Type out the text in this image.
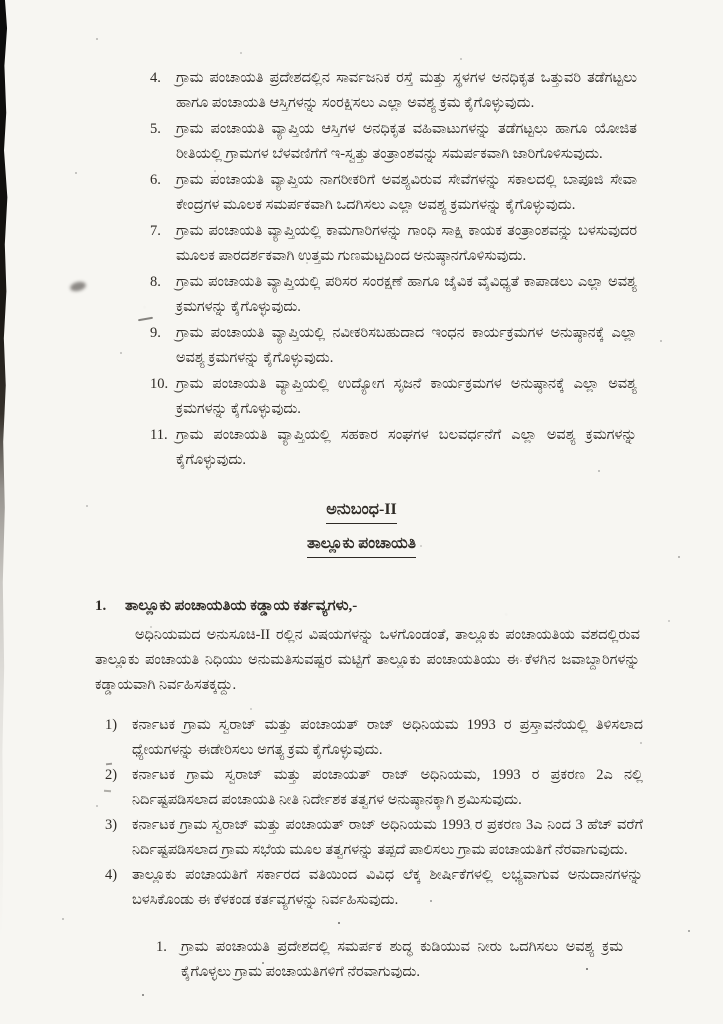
4.	ಗ್ರಾಮ ಪಂಚಾಯತಿ ಪ್ರದೇಶದಲ್ಲಿನ ಸಾರ್ವಜನಿಕ ರಸ್ತೆ ಮತ್ತು ಸ್ಥಳಗಳ ಅನಧಿಕೃತ ಒತ್ತುವರಿ ತಡೆಗಟ್ಟಲು ಹಾಗೂ ಪಂಚಾಯತಿ ಆಸ್ತಿಗಳನ್ನು ಸಂರಕ್ಷಿಸಲು ಎಲ್ಲಾ ಅವಶ್ಯ ಕ್ರಮ ಕೈಗೊಳ್ಳುವುದು.
5.	ಗ್ರಾಮ ಪಂಚಾಯತಿ ವ್ಯಾಪ್ತಿಯ ಆಸ್ತಿಗಳ ಅನಧಿಕೃತ ವಹಿವಾಟುಗಳನ್ನು ತಡೆಗಟ್ಟಲು ಹಾಗೂ ಯೋಜಿತ ರೀತಿಯಲ್ಲಿ ಗ್ರಾಮಗಳ ಬೆಳವಣಿಗೆಗೆ ಇ-ಸ್ವತ್ತು ತಂತ್ರಾಂಶವನ್ನು ಸಮರ್ಪಕವಾಗಿ ಜಾರಿಗೊಳಿಸುವುದು.
6.	ಗ್ರಾಮ ಪಂಚಾಯತಿ ವ್ಯಾಪ್ತಿಯ ನಾಗರೀಕರಿಗೆ ಅವಶ್ಯವಿರುವ ಸೇವೆಗಳನ್ನು ಸಕಾಲದಲ್ಲಿ ಬಾಪೂಜಿ ಸೇವಾ ಕೇಂದ್ರಗಳ ಮೂಲಕ ಸಮರ್ಪಕವಾಗಿ ಒದಗಿಸಲು ಎಲ್ಲಾ ಅವಶ್ಯ ಕ್ರಮಗಳನ್ನು ಕೈಗೊಳ್ಳುವುದು.
7.	ಗ್ರಾಮ ಪಂಚಾಯತಿ ವ್ಯಾಪ್ತಿಯಲ್ಲಿ ಕಾಮಗಾರಿಗಳನ್ನು ಗಾಂಧಿ ಸಾಕ್ಷಿ ಕಾಯಕ ತಂತ್ರಾಂಶವನ್ನು ಬಳಸುವುದರ ಮೂಲಕ ಪಾರದರ್ಶಕವಾಗಿ ಉತ್ತಮ ಗುಣಮಟ್ಟದಿಂದ ಅನುಷ್ಠಾನಗೊಳಿಸುವುದು.
8.	ಗ್ರಾಮ ಪಂಚಾಯತಿ ವ್ಯಾಪ್ತಿಯಲ್ಲಿ ಪರಿಸರ ಸಂರಕ್ಷಣೆ ಹಾಗೂ ಜೈವಿಕ ವೈವಿಧ್ಯತೆ ಕಾಪಾಡಲು ಎಲ್ಲಾ ಅವಶ್ಯ ಕ್ರಮಗಳನ್ನು ಕೈಗೊಳ್ಳುವುದು.
9.	ಗ್ರಾಮ ಪಂಚಾಯತಿ ವ್ಯಾಪ್ತಿಯಲ್ಲಿ ನವೀಕರಿಸಬಹುದಾದ ಇಂಧನ ಕಾರ್ಯಕ್ರಮಗಳ ಅನುಷ್ಠಾನಕ್ಕೆ ಎಲ್ಲಾ ಅವಶ್ಯ ಕ್ರಮಗಳನ್ನು ಕೈಗೊಳ್ಳುವುದು.
10. ಗ್ರಾಮ ಪಂಚಾಯತಿ ವ್ಯಾಪ್ತಿಯಲ್ಲಿ ಉದ್ಯೋಗ ಸೃಜನೆ ಕಾರ್ಯಕ್ರಮಗಳ ಅನುಷ್ಠಾನಕ್ಕೆ ಎಲ್ಲಾ ಅವಶ್ಯ ಕ್ರಮಗಳನ್ನು ಕೈಗೊಳ್ಳುವುದು.
11. ಗ್ರಾಮ ಪಂಚಾಯತಿ ವ್ಯಾಪ್ತಿಯಲ್ಲಿ ಸಹಕಾರ ಸಂಘಗಳ ಬಲವರ್ಧನೆಗೆ ಎಲ್ಲಾ ಅವಶ್ಯ ಕ್ರಮಗಳನ್ನು ಕೈಗೊಳ್ಳುವುದು.
ಅನುಬಂಧ-II
ತಾಲ್ಲೂಕು ಪಂಚಾಯತಿ
1.	ತಾಲ್ಲೂಕು ಪಂಚಾಯತಿಯ ಕಡ್ಡಾಯ ಕರ್ತವ್ಯಗಳು,-

ಅಧಿನಿಯಮದ ಅನುಸೂಚಿ-II ರಲ್ಲಿನ ವಿಷಯಗಳನ್ನು ಒಳಗೊಂಡಂತೆ, ತಾಲ್ಲೂಕು ಪಂಚಾಯತಿಯ ವಶದಲ್ಲಿರುವ ತಾಲ್ಲೂಕು ಪಂಚಾಯತಿ ನಿಧಿಯು ಅನುಮತಿಸುವಷ್ಟರ ಮಟ್ಟಿಗೆ ತಾಲ್ಲೂಕು ಪಂಚಾಯತಿಯು ಈ ಕೆಳಗಿನ ಜವಾಬ್ದಾರಿಗಳನ್ನು ಕಡ್ಡಾಯವಾಗಿ ನಿರ್ವಹಿಸತಕ್ಕದ್ದು.

1)	ಕರ್ನಾಟಕ ಗ್ರಾಮ ಸ್ವರಾಜ್ ಮತ್ತು ಪಂಚಾಯತ್ ರಾಜ್ ಅಧಿನಿಯಮ 1993 ರ ಪ್ರಸ್ತಾವನೆಯಲ್ಲಿ ತಿಳಿಸಲಾದ ಧ್ಯೇಯಗಳನ್ನು ಈಡೇರಿಸಲು ಅಗತ್ಯ ಕ್ರಮ ಕೈಗೊಳ್ಳುವುದು.
2)	ಕರ್ನಾಟಕ ಗ್ರಾಮ ಸ್ವರಾಜ್ ಮತ್ತು ಪಂಚಾಯತ್ ರಾಜ್ ಅಧಿನಿಯಮ, 1993 ರ ಪ್ರಕರಣ 2ಎ ನಲ್ಲಿ ನಿರ್ದಿಷ್ಟಪಡಿಸಲಾದ ಪಂಚಾಯತಿ ನೀತಿ ನಿರ್ದೇಶಕ ತತ್ವಗಳ ಅನುಷ್ಠಾನಕ್ಕಾಗಿ ಶ್ರಮಿಸುವುದು.
3)	ಕರ್ನಾಟಕ ಗ್ರಾಮ ಸ್ವರಾಜ್ ಮತ್ತು ಪಂಚಾಯತ್ ರಾಜ್ ಅಧಿನಿಯಮ 1993 ರ ಪ್ರಕರಣ 3ಎ ನಿಂದ 3 ಹೆಚ್ ವರೆಗೆ ನಿರ್ದಿಷ್ಟಪಡಿಸಲಾದ ಗ್ರಾಮ ಸಭೆಯ ಮೂಲ ತತ್ವಗಳನ್ನು ತಪ್ಪದೆ ಪಾಲಿಸಲು ಗ್ರಾಮ ಪಂಚಾಯತಿಗೆ ನೆರವಾಗುವುದು.
4)	ತಾಲ್ಲೂಕು ಪಂಚಾಯತಿಗೆ ಸರ್ಕಾರದ ವತಿಯಿಂದ ವಿವಿಧ ಲೆಕ್ಕ ಶೀರ್ಷಿಕೆಗಳಲ್ಲಿ ಲಭ್ಯವಾಗುವ ಅನುದಾನಗಳನ್ನು ಬಳಸಿಕೊಂಡು ಈ ಕೆಳಕಂಡ ಕರ್ತವ್ಯಗಳನ್ನು ನಿರ್ವಹಿಸುವುದು.
1. ಗ್ರಾಮ ಪಂಚಾಯತಿ ಪ್ರದೇಶದಲ್ಲಿ ಸಮರ್ಪಕ ಶುದ್ಧ ಕುಡಿಯುವ ನೀರು ಒದಗಿಸಲು ಅವಶ್ಯ ಕ್ರಮ ಕೈಗೊಳ್ಳಲು ಗ್ರಾಮ ಪಂಚಾಯತಿಗಳಿಗೆ ನೆರವಾಗುವುದು.
